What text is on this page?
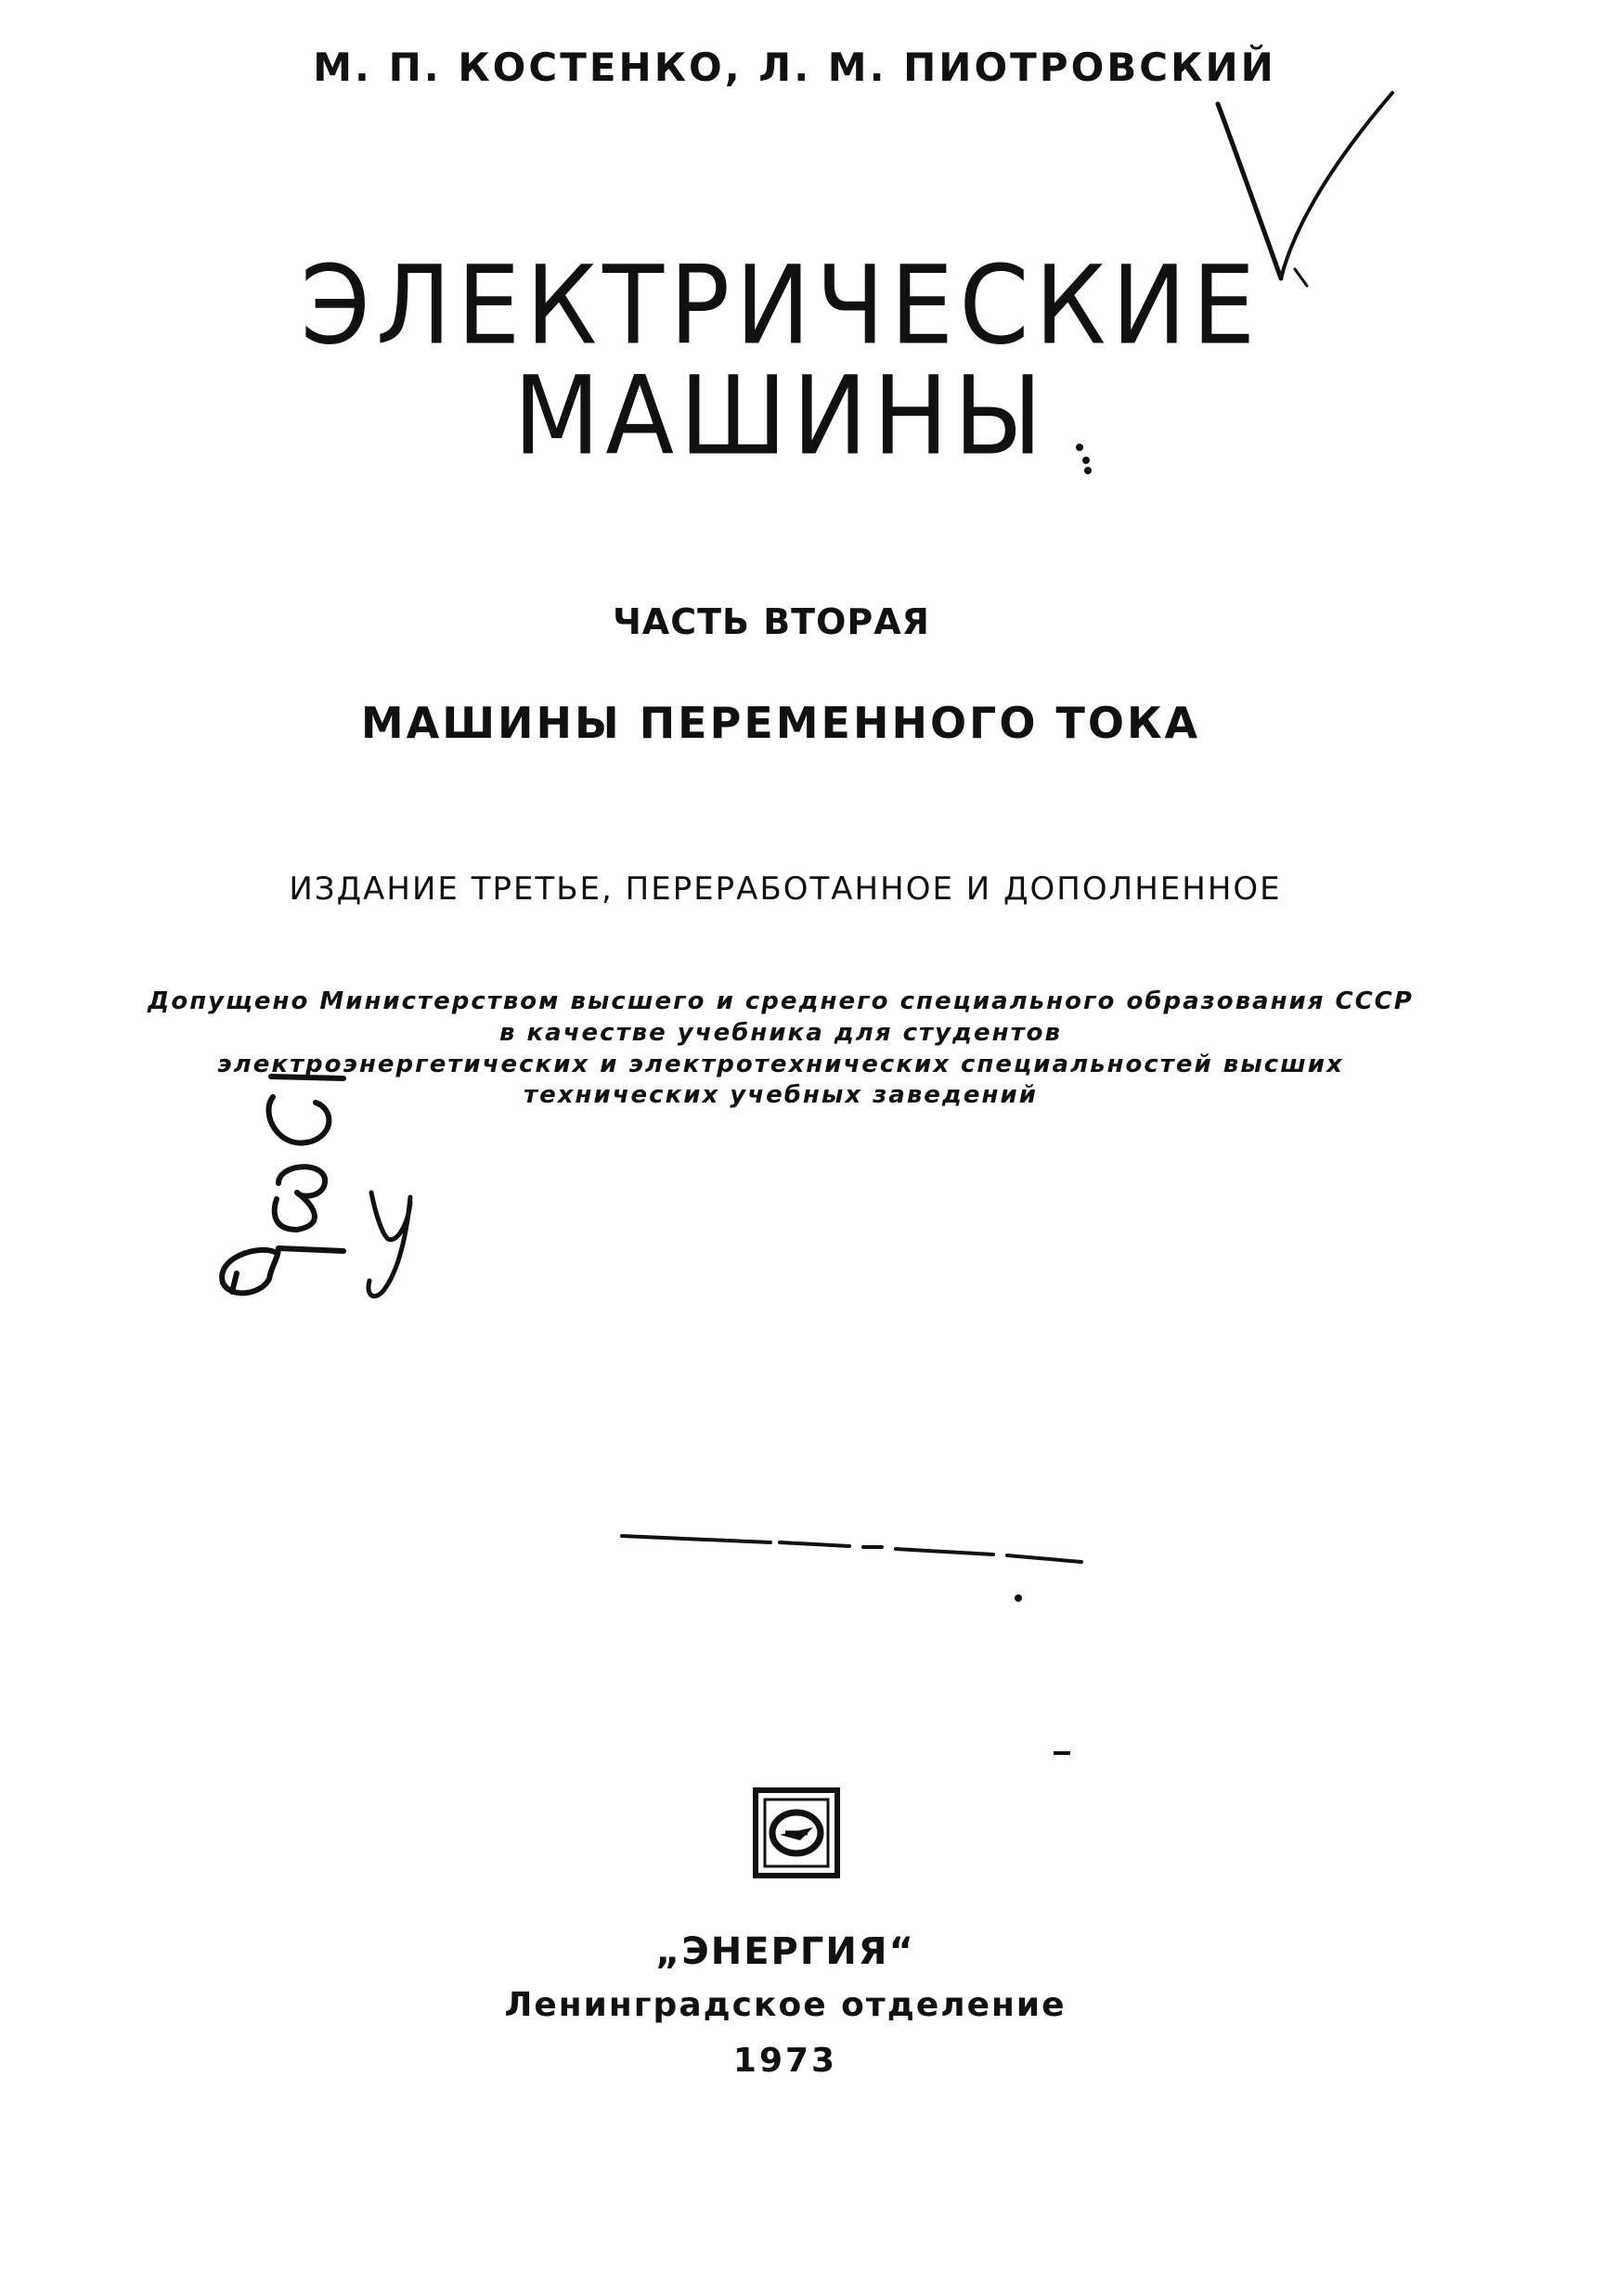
М. П. КОСТЕНКО, Л. М. ПИОТРОВСКИЙ
ЭЛЕКТРИЧЕСКИЕ
МАШИНЫ
ЧАСТЬ ВТОРАЯ
МАШИНЫ ПЕРЕМЕННОГО ТОКА
ИЗДАНИЕ ТРЕТЬЕ, ПЕРЕРАБОТАННОЕ И ДОПОЛНЕННОЕ
Допущено Министерством высшего и среднего специального образования СССР
в качестве учебника для студентов
электроэнергетических и электротехнических специальностей высших
технических учебных заведений
„ЭНЕРГИЯ“
Ленинградское отделение
1973
